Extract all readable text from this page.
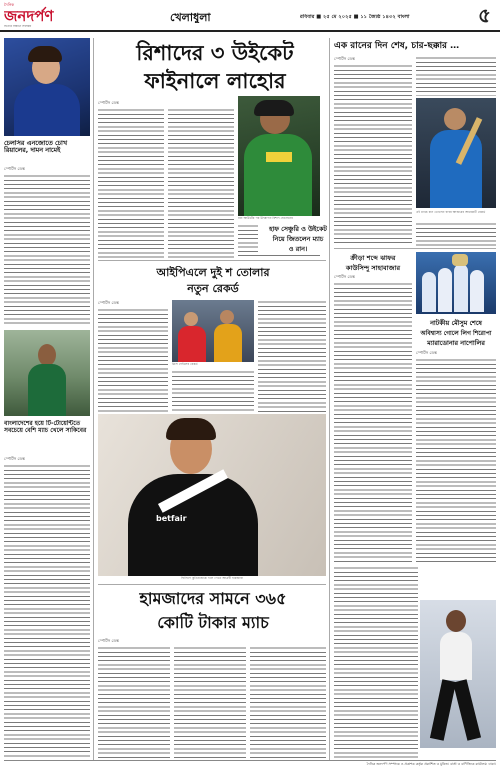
দৈনিক
জনদর্পণ
সত্যের সন্ধানে সবসময়
খেলাধুলা	রবিবার ■ ২৫ মে ২০২৫ ■ ১১ জ্যৈষ্ঠ ১৪৩২ বাংলা	৫
চেলসির এনজোতে চোখ রিয়ালের, দামন নামেই
স্পোর্টস ডেস্ক
বাংলাদেশের হয়ে টি-টোয়েন্টিতে সবচেয়ে বেশি ম্যাচ খেলে সাকিবের
স্পোর্টস ডেস্ক
রিশাদের ৩ উইকেট
ফাইনালে লাহোর
স্পোর্টস ডেস্ক
রান আউটের পর উদযাপন রিশাদ হোসেনের
হাফ সেঞ্চুরি ও উইকেট
নিয়ে জিতলেন ম্যাচ
ও রান।
আইপিএলে দুই শ তোলার
নতুন রেকর্ড
স্পোর্টস ডেস্ক
ক্রিস গেইলের রেকর্ড
betfair
ফিলিপে কুতিনহোকে দলে পেতে আগ্রহী হামজারা
হামজাদের সামনে ৩৬৫
কোটি টাকার ম্যাচ
স্পোর্টস ডেস্ক
এক রানের দিন শেষ, চার-ছক্কার …
স্পোর্টস ডেস্ক
এই ম্যাচে রান তোলেন বাবর আজমের আরেকটি রেকর্ড
ক্রীড়া শব্দে ঝাফর
কাউসিন্দু সাহাবাজার
স্পোর্টস ডেস্ক
নাটকীয় মৌসুম শেষে
অবিশ্বাস্য গোলে লিগ শিরোপা
ম্যারাডোনার নাপোলির
স্পোর্টস ডেস্ক
দৈনিক জনদর্পণ সম্পাদক ও প্রকাশক কর্তৃক প্রকাশিত ও মুদ্রিত। বার্তা ও বাণিজ্যিক কার্যালয়: ঢাকা।
